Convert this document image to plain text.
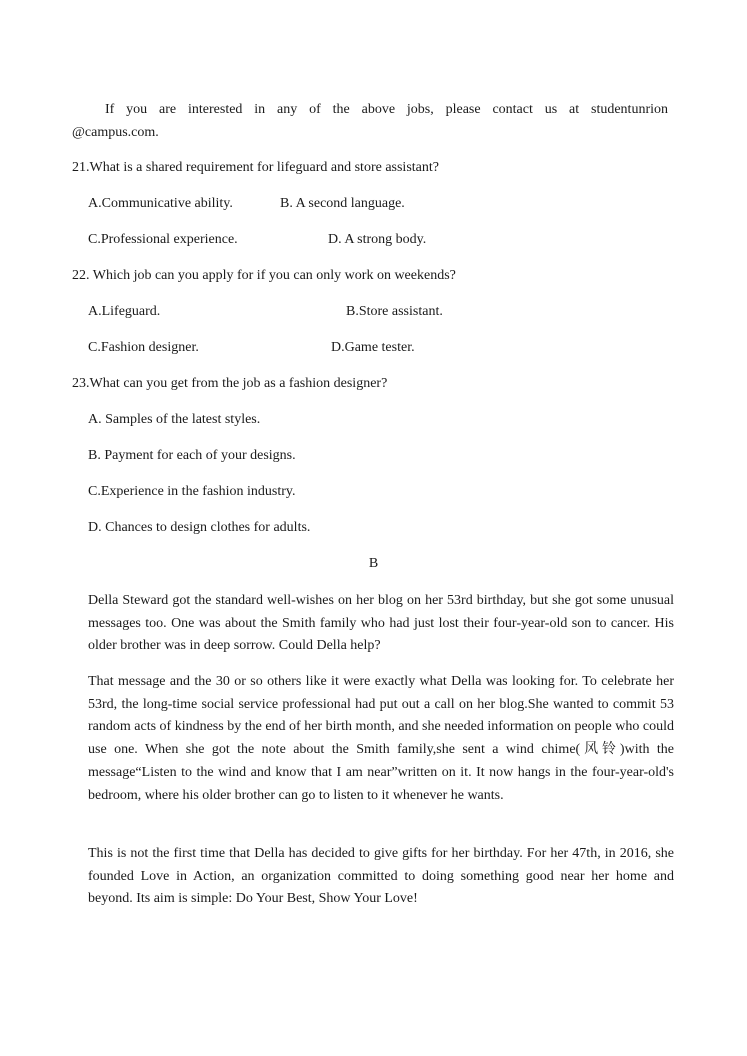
If you are interested in any of the above jobs, please contact us at studentunrion
@campus.com.
21.What is a shared requirement for lifeguard and store assistant?
A.Communicative ability.	B. A second language.
C.Professional experience.	D. A strong body.
22. Which job can you apply for if you can only work on weekends?
A.Lifeguard.	B.Store assistant.
C.Fashion designer.	D.Game tester.
23.What can you get from the job as a fashion designer?
A. Samples of the latest styles.
B. Payment for each of your designs.
C.Experience in the fashion industry.
D. Chances to design clothes for adults.
B
Della Steward got the standard well-wishes on her blog on her 53rd birthday, but she got some unusual messages too. One was about the Smith family who had just lost their four-year-old son to cancer. His older brother was in deep sorrow. Could Della help?
That message and the 30 or so others like it were exactly what Della was looking for. To celebrate her 53rd, the long-time social service professional had put out a call on her blog.She wanted to commit 53 random acts of kindness by the end of her birth month, and she needed information on people who could use one. When she got the note about the Smith family,she sent a wind chime(风铃)with the message“Listen to the wind and know that I am near”written on it. It now hangs in the four-year-old's bedroom, where his older brother can go to listen to it whenever he wants.
This is not the first time that Della has decided to give gifts for her birthday. For her 47th, in 2016, she founded Love in Action, an organization committed to doing something good near her home and beyond. Its aim is simple: Do Your Best, Show Your Love!
